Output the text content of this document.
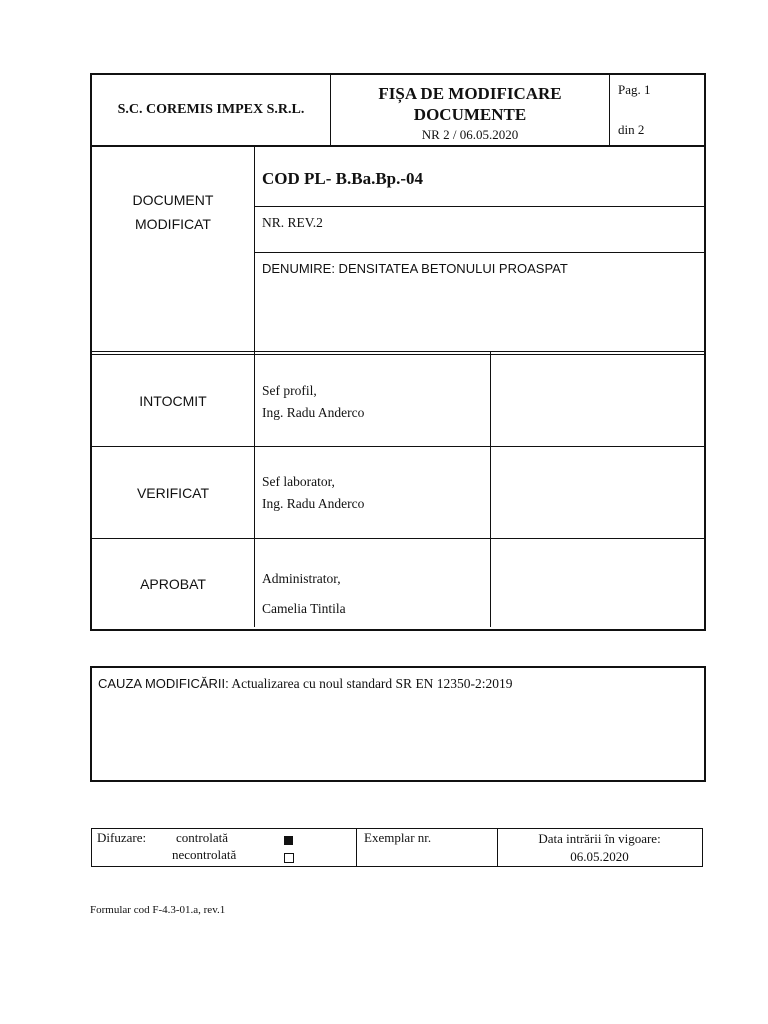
S.C. COREMIS IMPEX S.R.L.
FIȘA DE MODIFICARE
DOCUMENTE
NR 2 / 06.05.2020
Pag. 1
din 2
DOCUMENT
MODIFICAT
COD PL- B.Ba.Bp.-04
NR. REV.2
DENUMIRE: DENSITATEA BETONULUI PROASPAT
INTOCMIT
Sef profil,
Ing. Radu Anderco
VERIFICAT
Sef laborator,
Ing. Radu Anderco
APROBAT	Administrator,
Camelia Tintila
CAUZA MODIFICĂRII: Actualizarea cu noul standard SR EN 12350-2:2019
Difuzare: controlată
necontrolată
Exemplar nr.	Data intrării în vigoare:
06.05.2020
Formular cod F-4.3-01.a, rev.1
